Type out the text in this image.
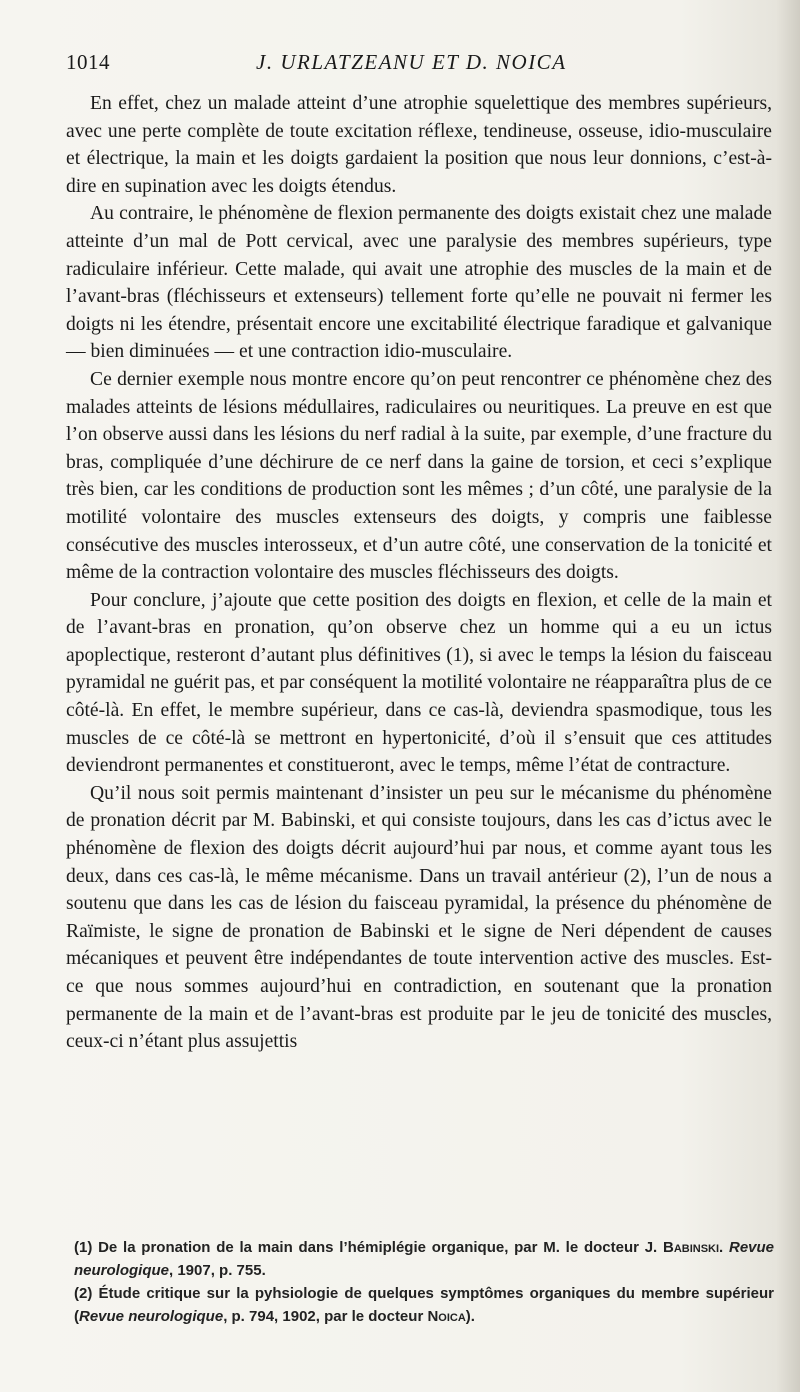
1014	J. URLATZEANU ET D. NOICA

En effet, chez un malade atteint d’une atrophie squelettique des membres supérieurs, avec une perte complète de toute excitation réflexe, tendineuse, osseuse, idio-musculaire et électrique, la main et les doigts gardaient la position que nous leur donnions, c’est-à-dire en supination avec les doigts étendus.

Au contraire, le phénomène de flexion permanente des doigts existait chez une malade atteinte d’un mal de Pott cervical, avec une paralysie des membres supérieurs, type radiculaire inférieur. Cette malade, qui avait une atrophie des muscles de la main et de l’avant-bras (fléchisseurs et extenseurs) tellement forte qu’elle ne pouvait ni fermer les doigts ni les étendre, présentait encore une excitabilité électrique faradique et galvanique — bien diminuées — et une contraction idio-musculaire.

Ce dernier exemple nous montre encore qu’on peut rencontrer ce phénomène chez des malades atteints de lésions médullaires, radiculaires ou neuritiques. La preuve en est que l’on observe aussi dans les lésions du nerf radial à la suite, par exemple, d’une fracture du bras, compliquée d’une déchirure de ce nerf dans la gaine de torsion, et ceci s’explique très bien, car les conditions de production sont les mêmes ; d’un côté, une paralysie de la motilité volontaire des muscles extenseurs des doigts, y compris une faiblesse consécutive des muscles interosseux, et d’un autre côté, une conservation de la tonicité et même de la contraction volontaire des muscles fléchisseurs des doigts.

Pour conclure, j’ajoute que cette position des doigts en flexion, et celle de la main et de l’avant-bras en pronation, qu’on observe chez un homme qui a eu un ictus apoplectique, resteront d’autant plus définitives (1), si avec le temps la lésion du faisceau pyramidal ne guérit pas, et par conséquent la motilité volontaire ne réapparaîtra plus de ce côté-là. En effet, le membre supérieur, dans ce cas-là, deviendra spasmodique, tous les muscles de ce côté-là se mettront en hypertonicité, d’où il s’ensuit que ces attitudes deviendront permanentes et constitueront, avec le temps, même l’état de contracture.

Qu’il nous soit permis maintenant d’insister un peu sur le mécanisme du phénomène de pronation décrit par M. Babinski, et qui consiste toujours, dans les cas d’ictus avec le phénomène de flexion des doigts décrit aujourd’hui par nous, et comme ayant tous les deux, dans ces cas-là, le même mécanisme. Dans un travail antérieur (2), l’un de nous a soutenu que dans les cas de lésion du faisceau pyramidal, la présence du phénomène de Raïmiste, le signe de pronation de Babinski et le signe de Neri dépendent de causes mécaniques et peuvent être indépendantes de toute intervention active des muscles. Est-ce que nous sommes aujourd’hui en contradiction, en soutenant que la pronation permanente de la main et de l’avant-bras est produite par le jeu de tonicité des muscles, ceux-ci n’étant plus assujettis

(1) De la pronation de la main dans l’hémiplégie organique, par M. le docteur J. Babinski. Revue neurologique, 1907, p. 755.

(2) Étude critique sur la pyhsiologie de quelques symptômes organiques du membre supérieur (Revue neurologique, p. 794, 1902, par le docteur Noica).
